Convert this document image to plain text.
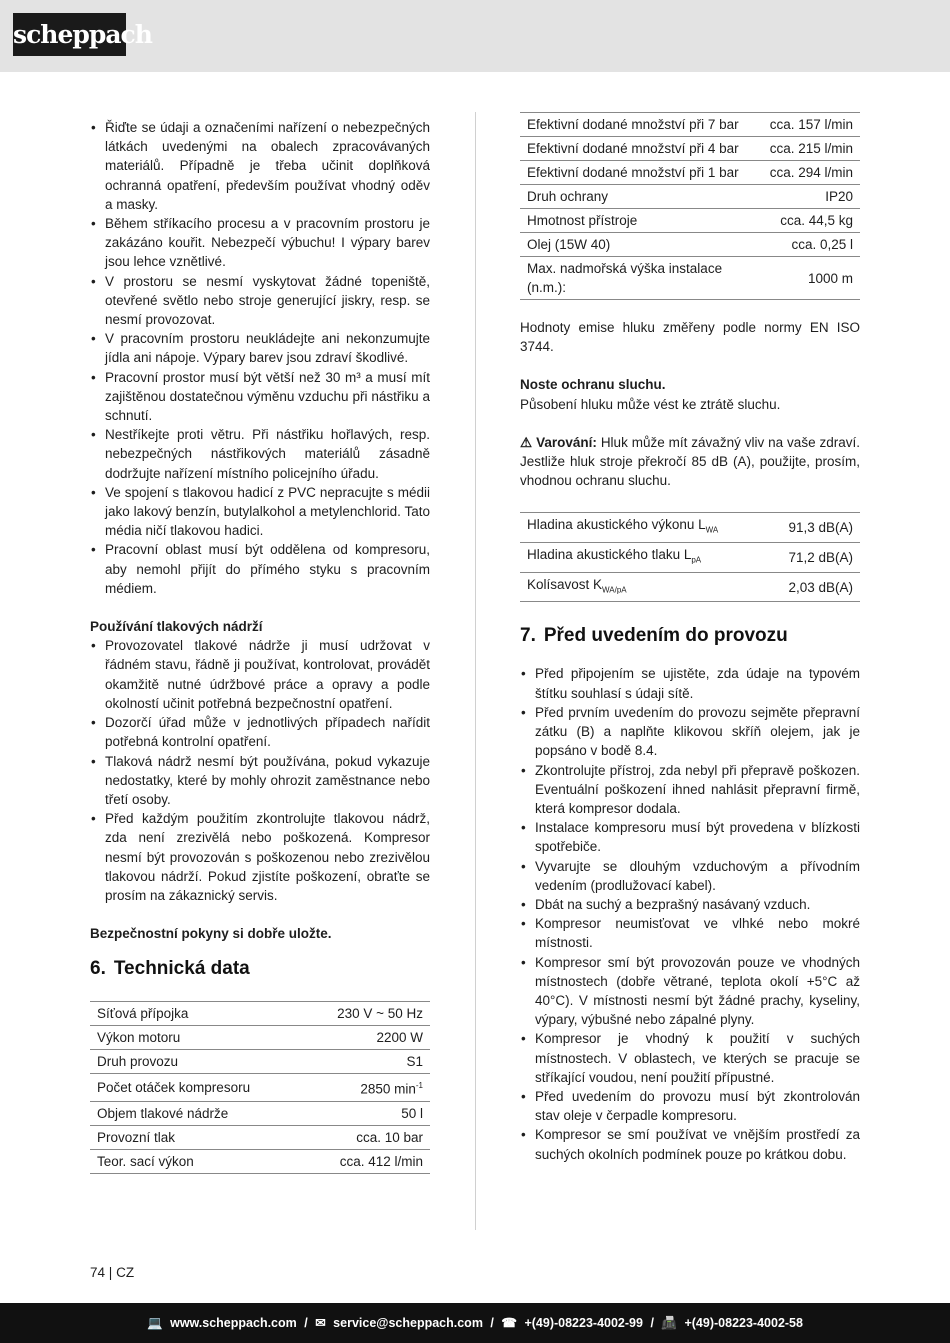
scheppach
• Řiďte se údaji a označeními nařízení o nebezpečných látkách uvedenými na obalech zpracovávaných materiálů. Případně je třeba učinit doplňková ochranná opatření, především používat vhodný oděv a masky.
• Během stříkacího procesu a v pracovním prostoru je zakázáno kouřit. Nebezpečí výbuchu! I výpary barev jsou lehce vznětlivé.
• V prostoru se nesmí vyskytovat žádné topeniště, otevřené světlo nebo stroje generující jiskry, resp. se nesmí provozovat.
• V pracovním prostoru neukládejte ani nekonzumujte jídla ani nápoje. Výpary barev jsou zdraví škodlivé.
• Pracovní prostor musí být větší než 30 m³ a musí mít zajištěnou dostatečnou výměnu vzduchu při nástřiku a schnutí.
• Nestříkejte proti větru. Při nástřiku hořlavých, resp. nebezpečných nástřikových materiálů zásadně dodržujte nařízení místního policejního úřadu.
• Ve spojení s tlakovou hadicí z PVC nepracujte s médii jako lakový benzín, butylalkohol a metylenchlorid. Tato média ničí tlakovou hadici.
• Pracovní oblast musí být oddělena od kompresoru, aby nemohl přijít do přímého styku s pracovním médiem.
Používání tlakových nádrží
• Provozovatel tlakové nádrže ji musí udržovat v řádném stavu, řádně ji používat, kontrolovat, provádět okamžitě nutné údržbové práce a opravy a podle okolností učinit potřebná bezpečnostní opatření.
• Dozorčí úřad může v jednotlivých případech nařídit potřebná kontrolní opatření.
• Tlaková nádrž nesmí být používána, pokud vykazuje nedostatky, které by mohly ohrozit zaměstnance nebo třetí osoby.
• Před každým použitím zkontrolujte tlakovou nádrž, zda není zrezivělá nebo poškozená. Kompresor nesmí být provozován s poškozenou nebo zrezivělou tlakovou nádrží. Pokud zjistíte poškození, obraťte se prosím na zákaznický servis.
Bezpečnostní pokyny si dobře uložte.
6. Technická data
Síťová přípojka	230 V ~ 50 Hz
Výkon motoru	2200 W
Druh provozu	S1
Počet otáček kompresoru	2850 $\min^{-1}$
Objem tlakové nádrže	50 l
Provozní tlak	cca. 10 bar
Teor. sací výkon	cca. 412 l/min
Efektivní dodané množství při 7 bar	cca. 157 l/min
Efektivní dodané množství při 4 bar	cca. 215 l/min
Efektivní dodané množství při 1 bar	cca. 294 l/min
Druh ochrany	IP20
Hmotnost přístroje	cca. 44,5 kg
Olej (15W 40)	cca. 0,25 l
Max. nadmořská výška instalace (n.m.):	1000 m
Hodnoty emise hluku změřeny podle normy EN ISO 3744.
Noste ochranu sluchu.
Působení hluku může vést ke ztrátě sluchu.
⚠ Varování: Hluk může mít závažný vliv na vaše zdraví. Jestliže hluk stroje překročí 85 dB (A), použijte, prosím, vhodnou ochranu sluchu.
Hladina akustického výkonu $L_{WA}$	91,3 dB(A)
Hladina akustického tlaku $L_{pA}$	71,2 dB(A)
Kolísavost $K_{WA/pA}$	2,03 dB(A)
7. Před uvedením do provozu
• Před připojením se ujistěte, zda údaje na typovém štítku souhlasí s údaji sítě.
• Před prvním uvedením do provozu sejměte přepravní zátku (B) a naplňte klikovou skříň olejem, jak je popsáno v bodě 8.4.
• Zkontrolujte přístroj, zda nebyl při přepravě poškozen. Eventuální poškození ihned nahlásit přepravní firmě, která kompresor dodala.
• Instalace kompresoru musí být provedena v blízkosti spotřebiče.
• Vyvarujte se dlouhým vzduchovým a přívodním vedením (prodlužovací kabel).
• Dbát na suchý a bezprašný nasávaný vzduch.
• Kompresor neumisťovat ve vlhké nebo mokré místnosti.
• Kompresor smí být provozován pouze ve vhodných místnostech (dobře větrané, teplota okolí +5°C až 40°C). V místnosti nesmí být žádné prachy, kyseliny, výpary, výbušné nebo zápalné plyny.
• Kompresor je vhodný k použití v suchých místnostech. V oblastech, ve kterých se pracuje se stříkající voudou, není použití přípustné.
• Před uvedením do provozu musí být zkontrolován stav oleje v čerpadle kompresoru.
• Kompresor se smí používat ve vnějším prostředí za suchých okolních podmínek pouze po krátkou dobu.
74 | CZ
💻 www.scheppach.com / ✉ service@scheppach.com / ☎ +(49)-08223-4002-99 / 📠 +(49)-08223-4002-58
